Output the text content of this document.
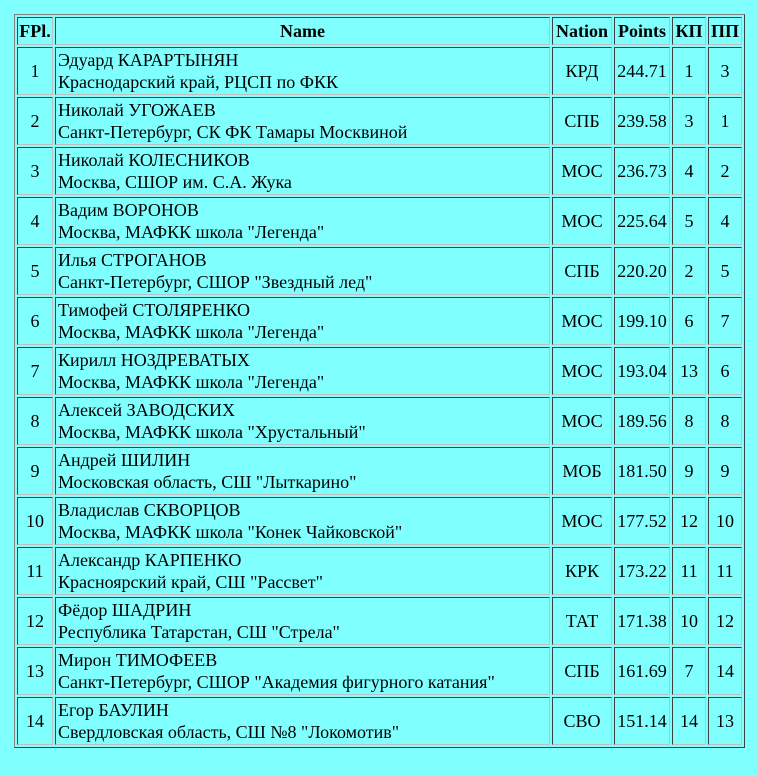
FPl.	Name	Nation	Points	КП	ПП
1	Эдуард КАРАРТЫНЯН
Краснодарский край, РЦСП по ФКК	КРД	244.71	1	3
2	Николай УГОЖАЕВ
Санкт-Петербург, СК ФК Тамары Москвиной	СПБ	239.58	3	1
3	Николай КОЛЕСНИКОВ
Москва, СШОР им. С.А. Жука	МОС	236.73	4	2
4	Вадим ВОРОНОВ
Москва, МАФКК школа "Легенда"	МОС	225.64	5	4
5	Илья СТРОГАНОВ
Санкт-Петербург, СШОР "Звездный лед"	СПБ	220.20	2	5
6	Тимофей СТОЛЯРЕНКО
Москва, МАФКК школа "Легенда"	МОС	199.10	6	7
7	Кирилл НОЗДРЕВАТЫХ
Москва, МАФКК школа "Легенда"	МОС	193.04	13	6
8	Алексей ЗАВОДСКИХ
Москва, МАФКК школа "Хрустальный"	МОС	189.56	8	8
9	Андрей ШИЛИН
Московская область, СШ "Лыткарино"	МОБ	181.50	9	9
10	Владислав СКВОРЦОВ
Москва, МАФКК школа "Конек Чайковской"	МОС	177.52	12	10
11	Александр КАРПЕНКО
Красноярский край, СШ "Рассвет"	КРК	173.22	11	11
12	Фёдор ШАДРИН
Республика Татарстан, СШ "Стрела"	ТАТ	171.38	10	12
13	Мирон ТИМОФЕЕВ
Санкт-Петербург, СШОР "Академия фигурного катания"	СПБ	161.69	7	14
14	Егор БАУЛИН
Свердловская область, СШ №8 "Локомотив"	СВО	151.14	14	13
